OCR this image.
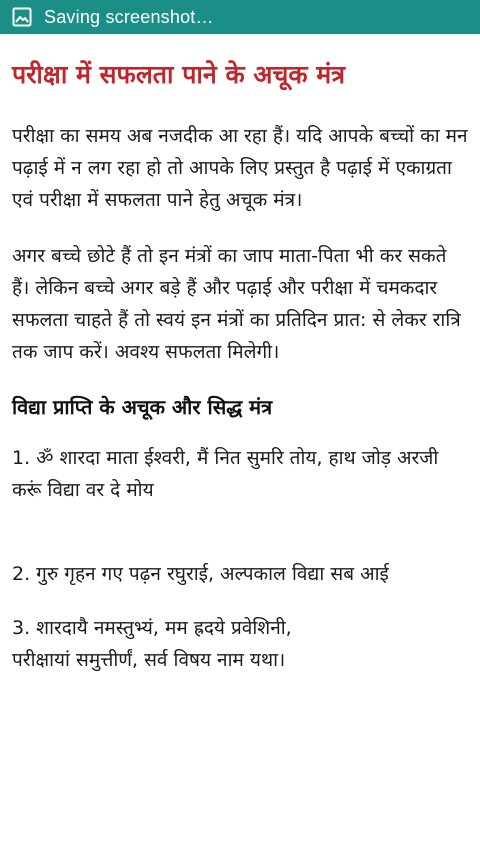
Saving screenshot…
परीक्षा में सफलता पाने के अचूक मंत्र

परीक्षा का समय अब नजदीक आ रहा हैं। यदि आपके बच्चों का मन पढ़ाई में न लग रहा हो तो आपके लिए प्रस्तुत है पढ़ाई में एकाग्रता एवं परीक्षा में सफलता पाने हेतु अचूक मंत्र।

अगर बच्चे छोटे हैं तो इन मंत्रों का जाप माता-पिता भी कर सकते हैं। लेकिन बच्चे अगर बड़े हैं और पढ़ाई और परीक्षा में चमकदार सफलता चाहते हैं तो स्वयं इन मंत्रों का प्रतिदिन प्रात: से लेकर रात्रि तक जाप करें। अवश्य सफलता मिलेगी।

विद्या प्राप्ति के अचूक और सिद्ध मंत्र

1. ॐ शारदा माता ईश्वरी, मैं नित सुमरि तोय, हाथ जोड़ अरजी करूं विद्या वर दे मोय

2. गुरु गृहन गए पढ़न रघुराई, अल्पकाल विद्या सब आई

3. शारदायै नमस्तुभ्यं, मम ह्रदये प्रवेशिनी,
परीक्षायां समुत्तीर्णं, सर्व विषय नाम यथा।
